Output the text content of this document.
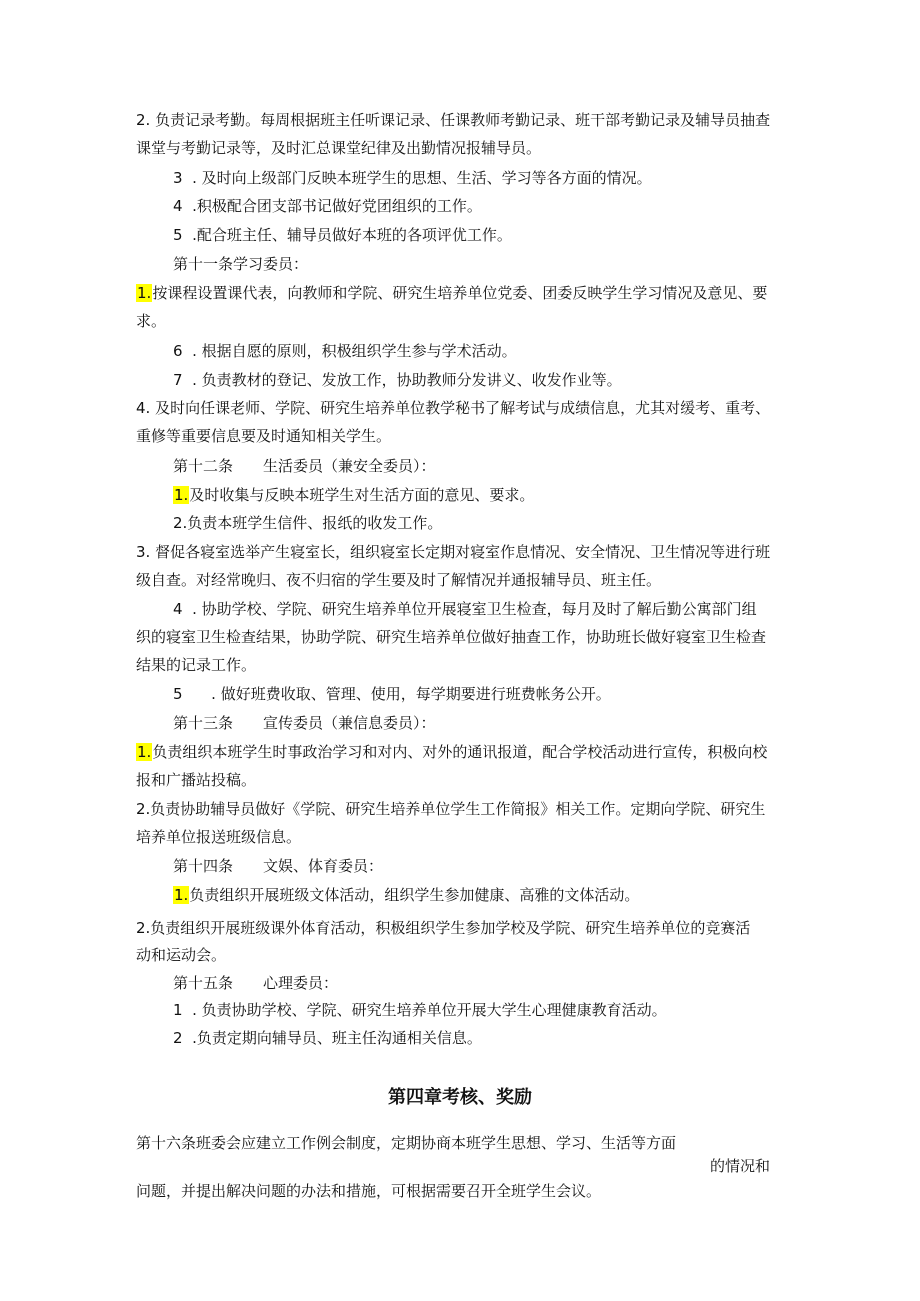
2. 负责记录考勤。每周根据班主任听课记录、任课教师考勤记录、班干部考勤记录及辅导员抽查
课堂与考勤记录等，及时汇总课堂纪律及出勤情况报辅导员。
3  . 及时向上级部门反映本班学生的思想、生活、学习等各方面的情况。
4  .积极配合团支部书记做好党团组织的工作。
5  .配合班主任、辅导员做好本班的各项评优工作。
第十一条学习委员：
1.按课程设置课代表，向教师和学院、研究生培养单位党委、团委反映学生学习情况及意见、要
求。
6  . 根据自愿的原则，积极组织学生参与学术活动。
7  . 负责教材的登记、发放工作，协助教师分发讲义、收发作业等。
4. 及时向任课老师、学院、研究生培养单位教学秘书了解考试与成绩信息，尤其对缓考、重考、
重修等重要信息要及时通知相关学生。
第十二条 生活委员（兼安全委员）：
1.及时收集与反映本班学生对生活方面的意见、要求。
2.负责本班学生信件、报纸的收发工作。
3. 督促各寝室选举产生寝室长，组织寝室长定期对寝室作息情况、安全情况、卫生情况等进行班
级自查。对经常晚归、夜不归宿的学生要及时了解情况并通报辅导员、班主任。
4  . 协助学校、学院、研究生培养单位开展寝室卫生检查，每月及时了解后勤公寓部门组
织的寝室卫生检查结果，协助学院、研究生培养单位做好抽查工作，协助班长做好寝室卫生检查
结果的记录工作。
5      . 做好班费收取、管理、使用，每学期要进行班费帐务公开。
第十三条 宣传委员（兼信息委员）：
1.负责组织本班学生时事政治学习和对内、对外的通讯报道，配合学校活动进行宣传，积极向校
报和广播站投稿。
2.负责协助辅导员做好《学院、研究生培养单位学生工作简报》相关工作。定期向学院、研究生
培养单位报送班级信息。
第十四条 文娱、体育委员：
1.负责组织开展班级文体活动，组织学生参加健康、高雅的文体活动。
2.负责组织开展班级课外体育活动，积极组织学生参加学校及学院、研究生培养单位的竞赛活
动和运动会。
第十五条 心理委员：
1  . 负责协助学校、学院、研究生培养单位开展大学生心理健康教育活动。
2  .负责定期向辅导员、班主任沟通相关信息。
第四章考核、奖励
第十六条班委会应建立工作例会制度，定期协商本班学生思想、学习、生活等方面
的情况和
问题，并提出解决问题的办法和措施，可根据需要召开全班学生会议。
